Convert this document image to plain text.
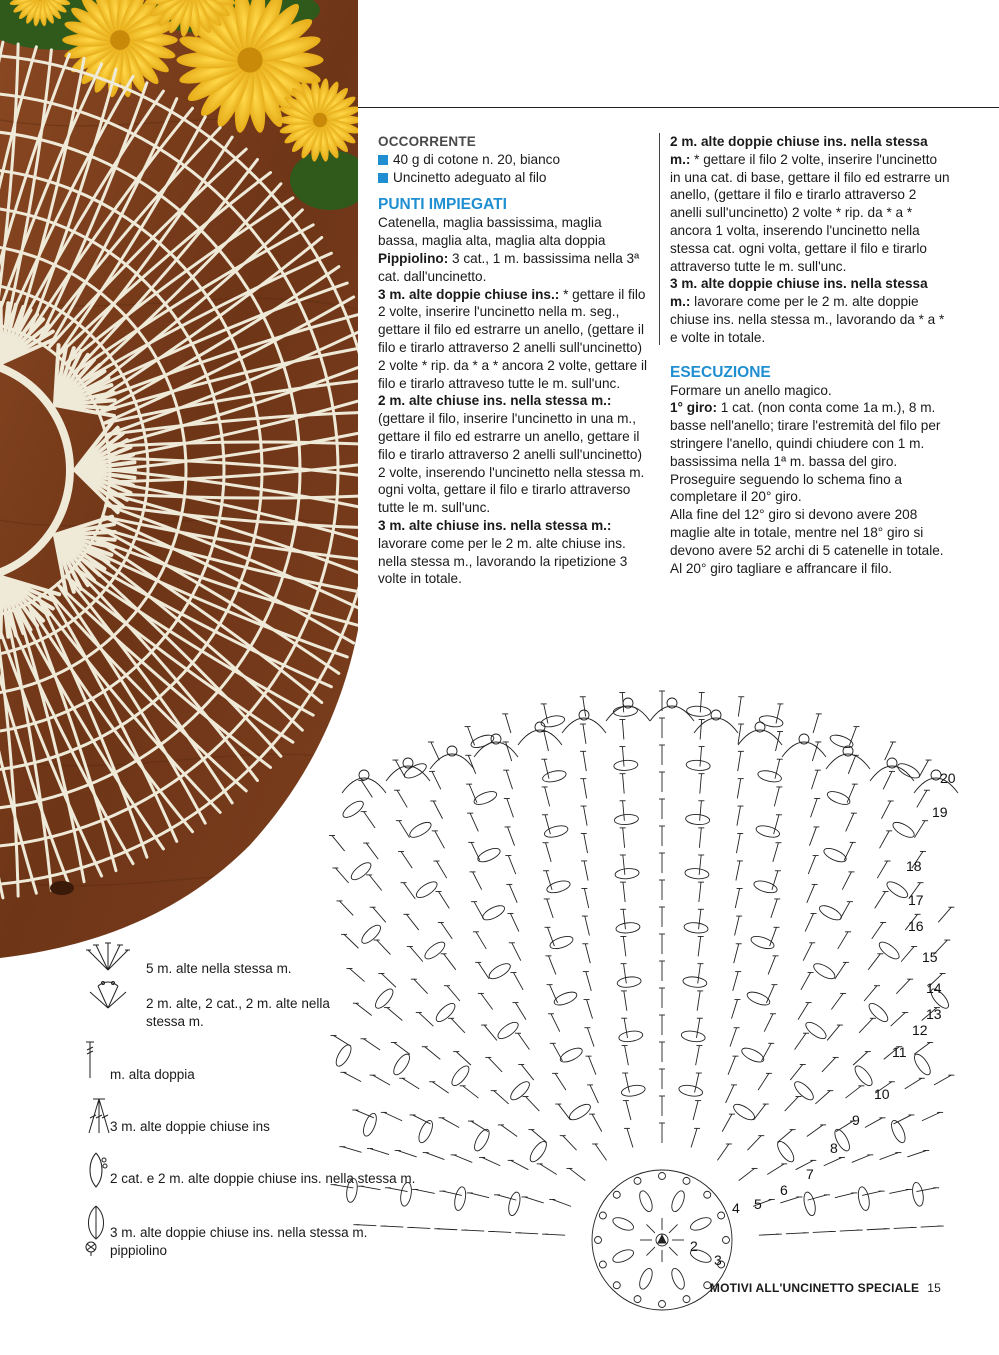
OCCORRENTE

40 g di cotone n. 20, bianco

Uncinetto adeguato al filo

PUNTI IMPIEGATI

Catenella, maglia bassissima, maglia bassa, maglia alta, maglia alta doppia

Pippiolino: 3 cat., 1 m. bassissima nella 3ª cat. dall'uncinetto.

3 m. alte doppie chiuse ins.: * gettare il filo 2 volte, inserire l'uncinetto nella m. seg., gettare il filo ed estrarre un anello, (gettare il filo e tirarlo attraverso 2 anelli sull'uncinetto) 2 volte * rip. da * a * ancora 2 volte, gettare il filo e tirarlo attraveso tutte le m. sull'unc.

2 m. alte chiuse ins. nella stessa m.: (gettare il filo, inserire l'uncinetto in una m., gettare il filo ed estrarre un anello, gettare il filo e tirarlo attraverso 2 anelli sull'uncinetto) 2 volte, inserendo l'uncinetto nella stessa m. ogni volta, gettare il filo e tirarlo attraverso tutte le m. sull'unc.

3 m. alte chiuse ins. nella stessa m.: lavorare come per le 2 m. alte chiuse ins. nella stessa m., lavorando la ripetizione 3 volte in totale.

2 m. alte doppie chiuse ins. nella stessa m.: * gettare il filo 2 volte, inserire l'uncinetto in una cat. di base, gettare il filo ed estrarre un anello, (gettare il filo e tirarlo attraverso 2 anelli sull'uncinetto) 2 volte * rip. da * a * ancora 1 volta, inserendo l'uncinetto nella stessa cat. ogni volta, gettare il filo e tirarlo attraverso tutte le m. sull'unc.

3 m. alte doppie chiuse ins. nella stessa m.: lavorare come per le 2 m. alte doppie chiuse ins. nella stessa m., lavorando da * a * e volte in totale.

ESECUZIONE

Formare un anello magico.

1° giro: 1 cat. (non conta come 1a m.), 8 m. basse nell'anello; tirare l'estremità del filo per stringere l'anello, quindi chiudere con 1 m. bassissima nella 1ª m. bassa del giro.

Proseguire seguendo lo schema fino a completare il 20° giro.

Alla fine del 12° giro si devono avere 208 maglie alte in totale, mentre nel 18° giro si devono avere 52 archi di 5 catenelle in totale. Al 20° giro tagliare e affrancare il filo.

5 m. alte nella stessa m.
2 m. alte, 2 cat., 2 m. alte nella stessa m.
m. alta doppia
3 m. alte doppie chiuse ins
2 cat. e 2 m. alte doppie chiuse ins. nella stessa m.
3 m. alte doppie chiuse ins. nella stessa m.
pippiolino	2
3
4 5
6
7
8
9
10
11
12
13
14
15
16
17
18
19
20
MOTIVI ALL'UNCINETTO SPECIALE 15
